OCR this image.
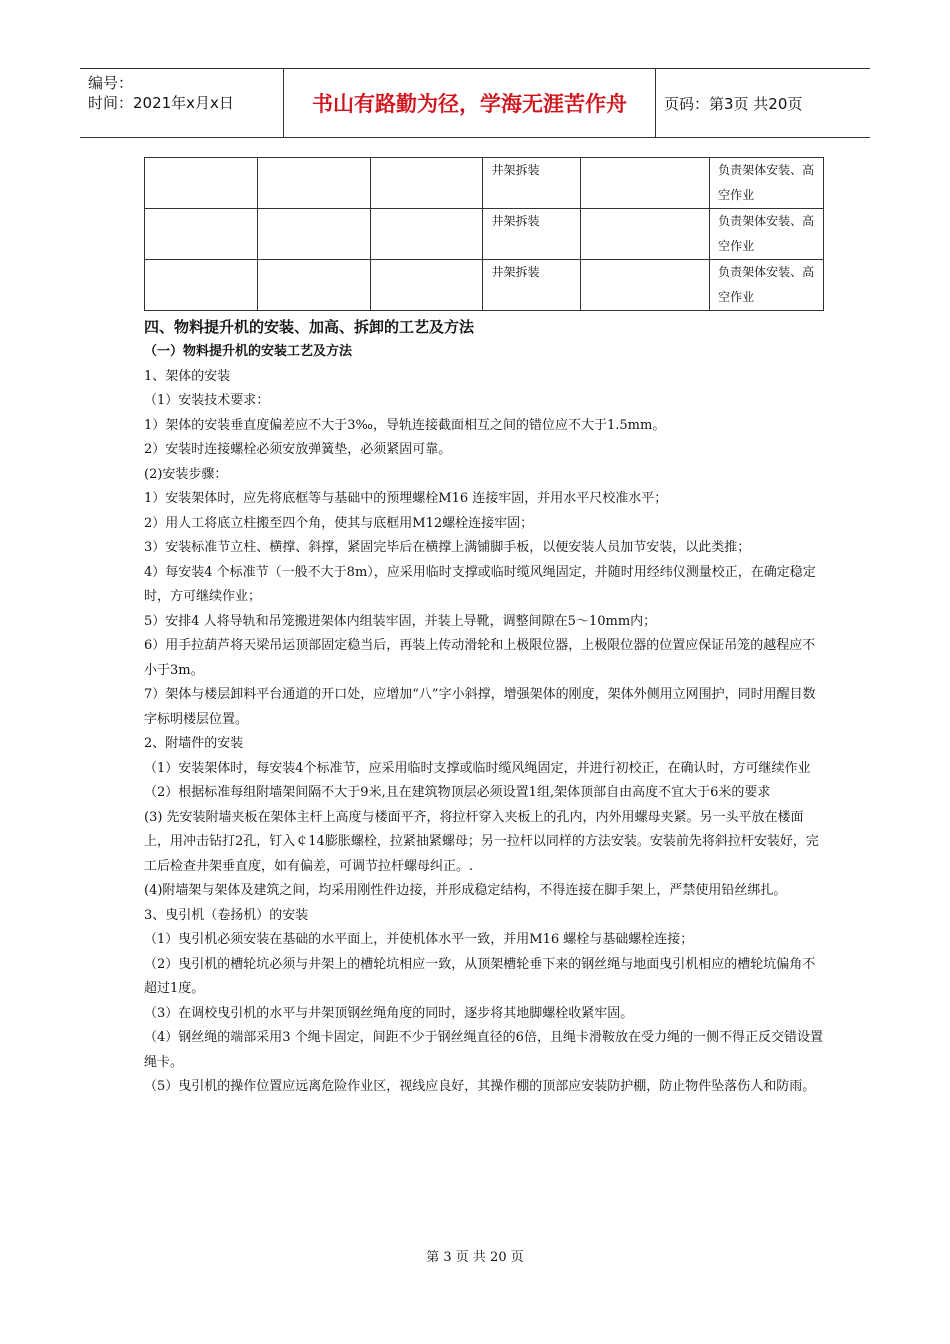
编号：
时间：2021年x月x日	书山有路勤为径，学海无涯苦作舟	页码：第3页 共20页
			井架拆装		负责架体安装、高空作业
			井架拆装		负责架体安装、高空作业
			井架拆装		负责架体安装、高空作业

四、物料提升机的安装、加高、拆卸的工艺及方法

（一）物料提升机的安装工艺及方法

1、架体的安装

（1）安装技术要求：

1）架体的安装垂直度偏差应不大于3‰，导轨连接截面相互之间的错位应不大于1.5mm。

2）安装时连接螺栓必须安放弹簧垫，必须紧固可靠。

(2)安装步骤：

1）安装架体时，应先将底框等与基础中的预埋螺栓M16 连接牢固，并用水平尺校准水平；

2）用人工将底立柱搬至四个角，使其与底框用M12螺栓连接牢固；

3）安装标准节立柱、横撑、斜撑，紧固完毕后在横撑上满铺脚手板，以便安装人员加节安装，以此类推；

4）每安装4 个标准节（一般不大于8m），应采用临时支撑或临时缆风绳固定，并随时用经纬仪测量校正，在确定稳定时，方可继续作业；

5）安排4 人将导轨和吊笼搬进架体内组装牢固，并装上导靴，调整间隙在5～10mm内；

6）用手拉葫芦将天梁吊运顶部固定稳当后，再装上传动滑轮和上极限位器，上极限位器的位置应保证吊笼的越程应不小于3m。

7）架体与楼层卸料平台通道的开口处，应增加“八”字小斜撑，增强架体的刚度，架体外侧用立网围护，同时用醒目数字标明楼层位置。

2、附墙件的安装

（1）安装架体时，每安装4个标准节，应采用临时支撑或临时缆风绳固定，并进行初校正，在确认时，方可继续作业

（2）根据标准每组附墙架间隔不大于9米,且在建筑物顶层必须设置1组,架体顶部自由高度不宜大于6米的要求

(3) 先安装附墙夹板在架体主杆上高度与楼面平齐，将拉杆穿入夹板上的孔内，内外用螺母夹紧。另一头平放在楼面上，用冲击钻打2孔，钉入￠14膨胀螺栓，拉紧抽紧螺母；另一拉杆以同样的方法安装。安装前先将斜拉杆安装好，完工后检查井架垂直度，如有偏差，可调节拉杆螺母纠正。.

(4)附墙架与架体及建筑之间，均采用刚性件边接，并形成稳定结构，不得连接在脚手架上，严禁使用铅丝绑扎。

3、曳引机（卷扬机）的安装

（1）曳引机必须安装在基础的水平面上，并使机体水平一致，并用M16 螺栓与基础螺栓连接；

（2）曳引机的槽轮坑必须与井架上的槽轮坑相应一致，从顶架槽轮垂下来的钢丝绳与地面曳引机相应的槽轮坑偏角不超过1度。

（3）在调校曳引机的水平与井架顶钢丝绳角度的同时，逐步将其地脚螺栓收紧牢固。

（4）钢丝绳的端部采用3 个绳卡固定，间距不少于钢丝绳直径的6倍，且绳卡滑鞍放在受力绳的一侧不得正反交错设置绳卡。

（5）曳引机的操作位置应远离危险作业区，视线应良好，其操作棚的顶部应安装防护棚，防止物件坠落伤人和防雨。

第 3 页 共 20 页
